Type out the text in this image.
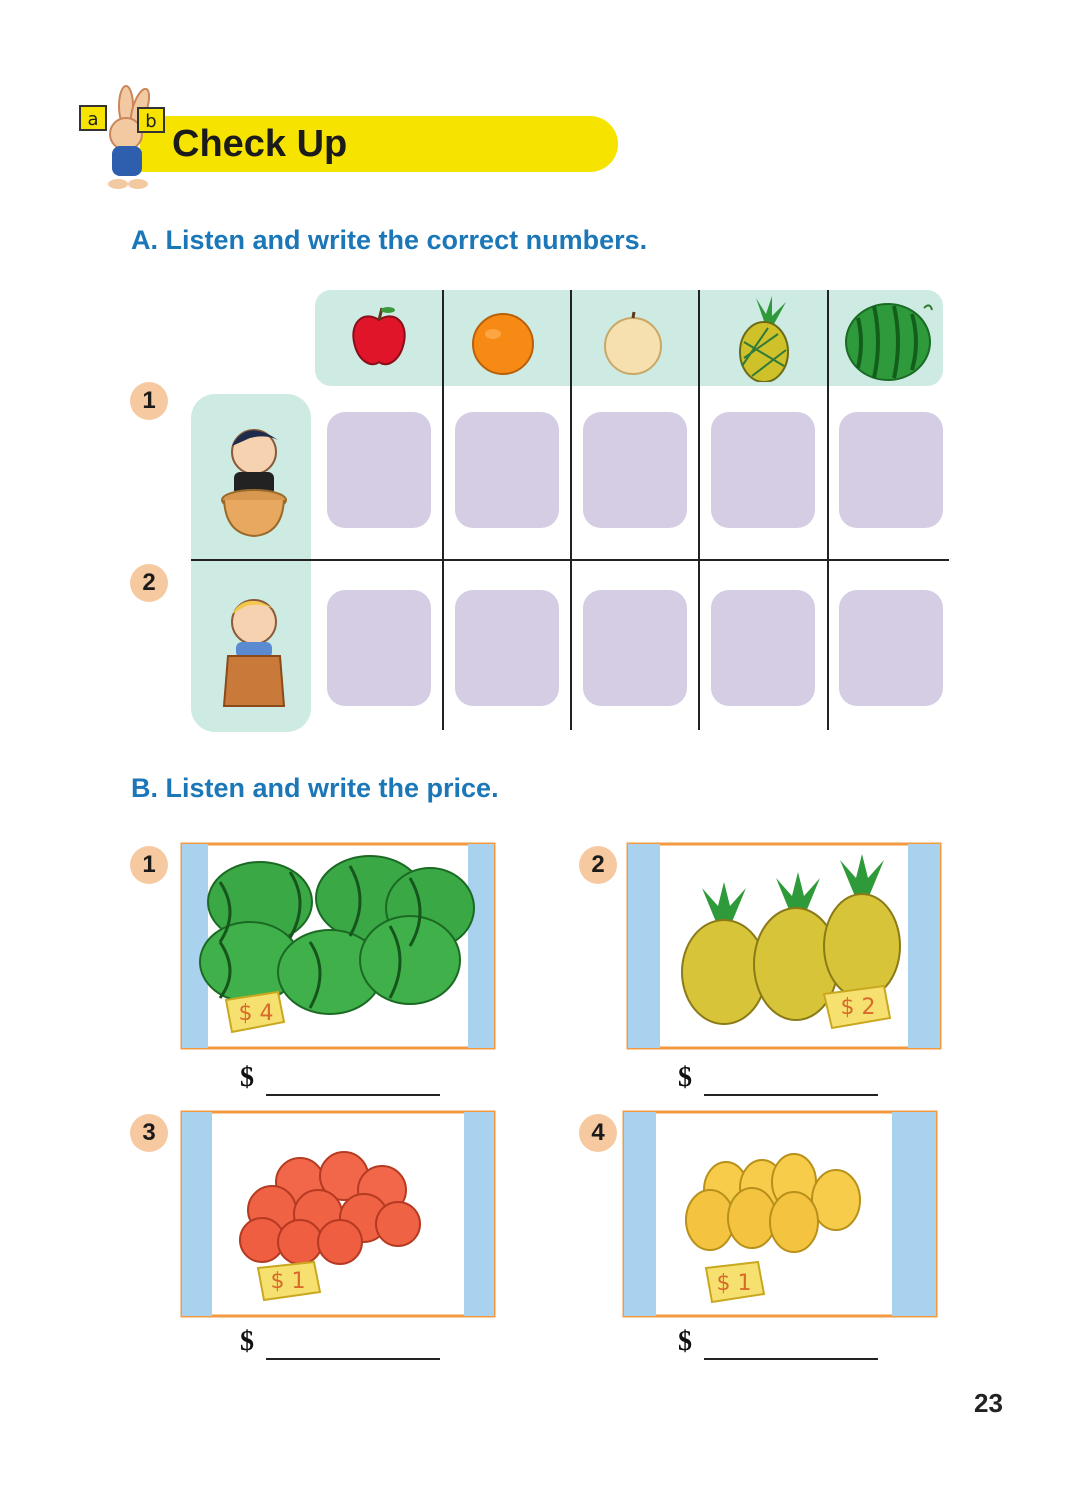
a	b
Check Up
A. Listen and write the correct numbers.
1
2
B. Listen and write the price.
1
$ 4
$
2
$ 2
$
3
$ 1
$
4
$ 1
$
23
